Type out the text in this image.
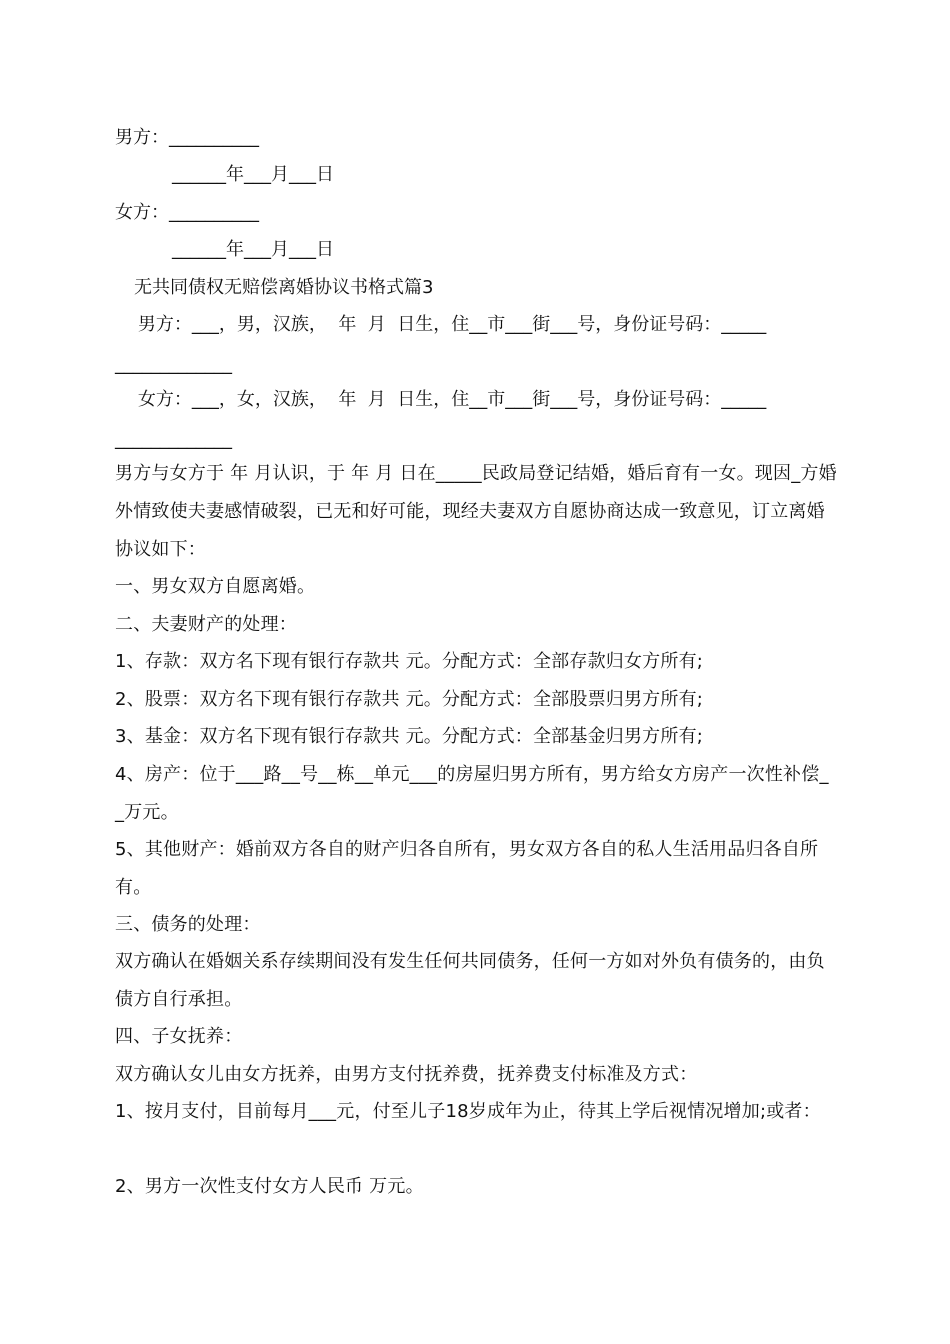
男方：__________

______年___月___日

女方：__________

______年___月___日

无共同债权无赔偿离婚协议书格式篇3

男方：___，男，汉族，  年  月  日生，住__市___街___号，身份证号码：_____

_____________

女方：___，女，汉族，  年  月  日生，住__市___街___号，身份证号码：_____

_____________

男方与女方于 年 月认识，于 年 月 日在_____民政局登记结婚，婚后育有一女。现因_方婚外情致使夫妻感情破裂，已无和好可能，现经夫妻双方自愿协商达成一致意见，订立离婚协议如下：

一、男女双方自愿离婚。

二、夫妻财产的处理：

1、存款：双方名下现有银行存款共 元。分配方式：全部存款归女方所有;

2、股票：双方名下现有银行存款共 元。分配方式：全部股票归男方所有;

3、基金：双方名下现有银行存款共 元。分配方式：全部基金归男方所有;

4、房产：位于___路__号__栋__单元___的房屋归男方所有，男方给女方房产一次性补偿__万元。

5、其他财产：婚前双方各自的财产归各自所有，男女双方各自的私人生活用品归各自所有。

三、债务的处理：

双方确认在婚姻关系存续期间没有发生任何共同债务，任何一方如对外负有债务的，由负债方自行承担。

四、子女抚养：

双方确认女儿由女方抚养，由男方支付抚养费，抚养费支付标准及方式：

1、按月支付，目前每月___元，付至儿子18岁成年为止，待其上学后视情况增加;或者：

2、男方一次性支付女方人民币 万元。
